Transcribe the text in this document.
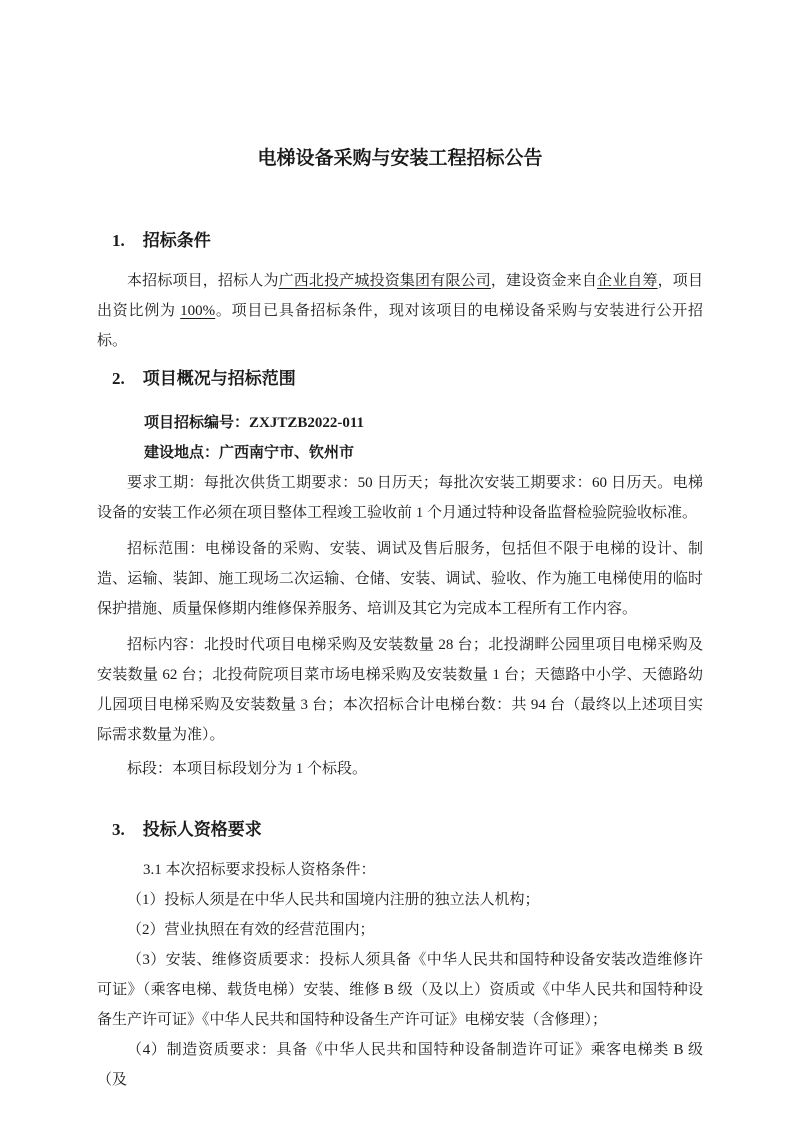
电梯设备采购与安装工程招标公告
1. 招标条件

本招标项目，招标人为广西北投产城投资集团有限公司，建设资金来自企业自筹，项目出资比例为 100%。项目已具备招标条件，现对该项目的电梯设备采购与安装进行公开招标。

2. 项目概况与招标范围

项目招标编号：ZXJTZB2022-011

建设地点：广西南宁市、钦州市

要求工期：每批次供货工期要求：50 日历天；每批次安装工期要求：60 日历天。电梯设备的安装工作必须在项目整体工程竣工验收前 1 个月通过特种设备监督检验院验收标准。

招标范围：电梯设备的采购、安装、调试及售后服务，包括但不限于电梯的设计、制造、运输、装卸、施工现场二次运输、仓储、安装、调试、验收、作为施工电梯使用的临时保护措施、质量保修期内维修保养服务、培训及其它为完成本工程所有工作内容。

招标内容：北投时代项目电梯采购及安装数量 28 台；北投湖畔公园里项目电梯采购及安装数量 62 台；北投荷院项目菜市场电梯采购及安装数量 1 台；天德路中小学、天德路幼儿园项目电梯采购及安装数量 3 台；本次招标合计电梯台数：共 94 台（最终以上述项目实际需求数量为准）。

标段：本项目标段划分为 1 个标段。

3. 投标人资格要求

3.1 本次招标要求投标人资格条件：

（1）投标人须是在中华人民共和国境内注册的独立法人机构；

（2）营业执照在有效的经营范围内；

（3）安装、维修资质要求：投标人须具备《中华人民共和国特种设备安装改造维修许可证》（乘客电梯、载货电梯）安装、维修 B 级（及以上）资质或《中华人民共和国特种设备生产许可证》《中华人民共和国特种设备生产许可证》电梯安装（含修理）；

（4）制造资质要求：具备《中华人民共和国特种设备制造许可证》乘客电梯类 B 级（及
